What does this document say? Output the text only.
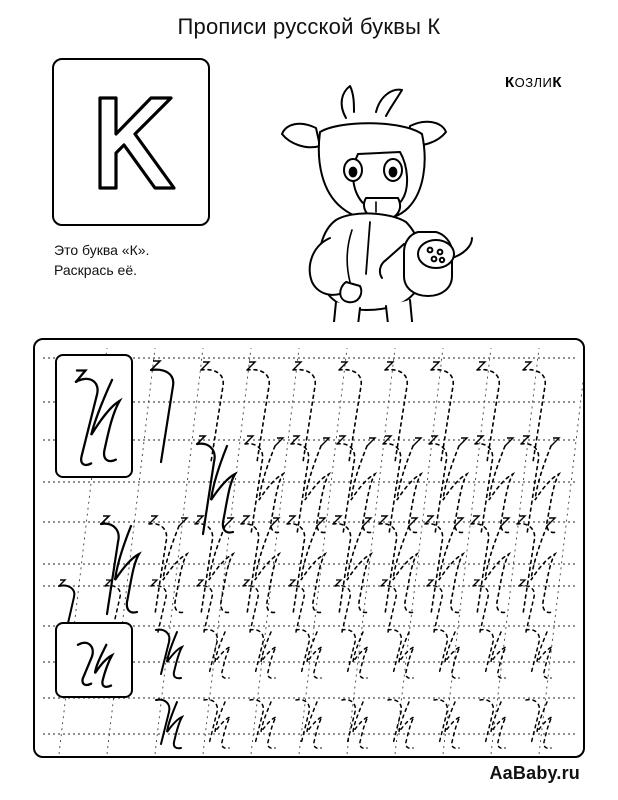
Прописи русской буквы К
Это буква «К».
Раскрась её.
КОЗЛИК
AaBaby.ru
